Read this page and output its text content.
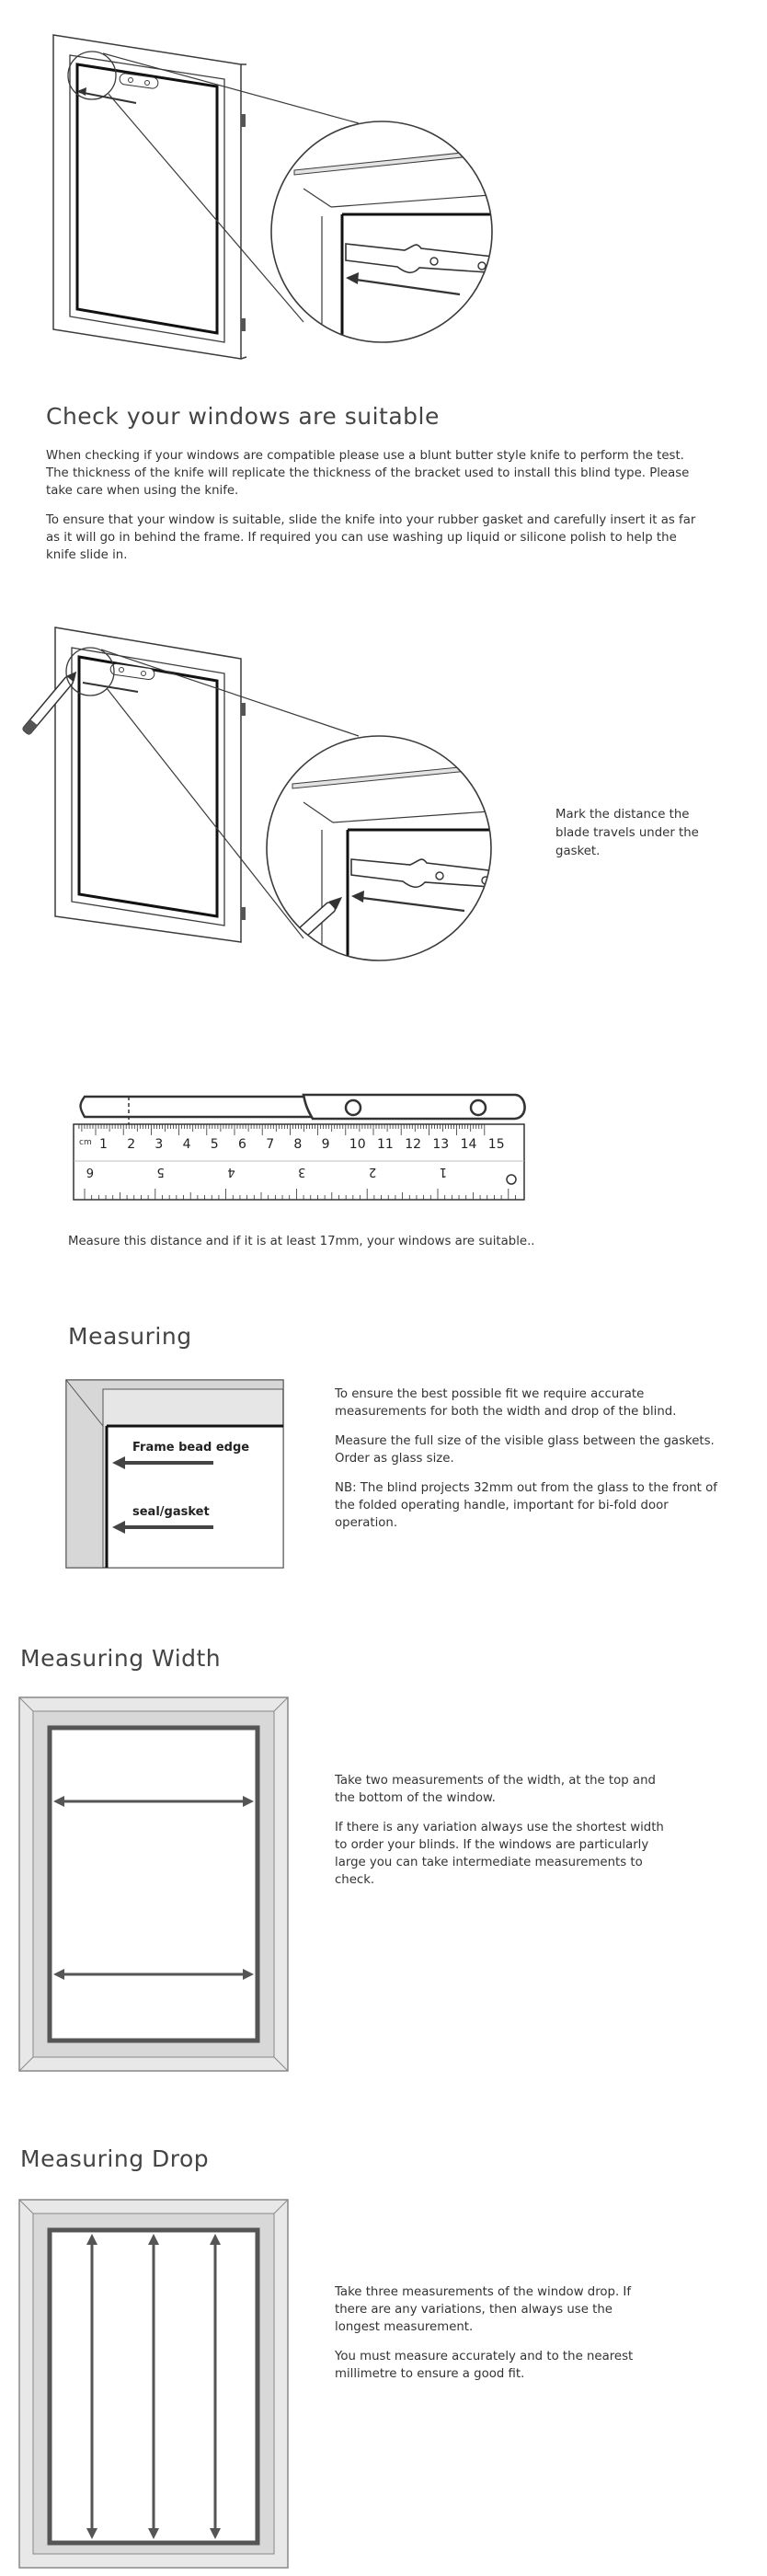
Check your windows are suitable

When checking if your windows are compatible please use a blunt butter style knife to perform the test. The thickness of the knife will replicate the thickness of the bracket used to install this blind type. Please take care when using the knife.

To ensure that your window is suitable, slide the knife into your rubber gasket and carefully insert it as far as it will go in behind the frame. If required you can use washing up liquid or silicone polish to help the knife slide in.

Mark the distance the blade travels under the gasket.
cm 1 2 3 4 5 6 7 8 9 10 11 12 13 14 15
6	5	4	3	2	1
Measure this distance and if it is at least 17mm, your windows are suitable..
Measuring
Frame bead edge
seal/gasket

To ensure the best possible fit we require accurate measurements for both the width and drop of the blind.

Measure the full size of the visible glass between the gaskets. Order as glass size.

NB: The blind projects 32mm out from the glass to the front of the folded operating handle, important for bi-fold door operation.

Measuring Width

Take two measurements of the width, at the top and the bottom of the window.

If there is any variation always use the shortest width to order your blinds. If the windows are particularly large you can take intermediate measurements to check.

Measuring Drop

Take three measurements of the window drop. If there are any variations, then always use the longest measurement.

You must measure accurately and to the nearest millimetre to ensure a good fit.
